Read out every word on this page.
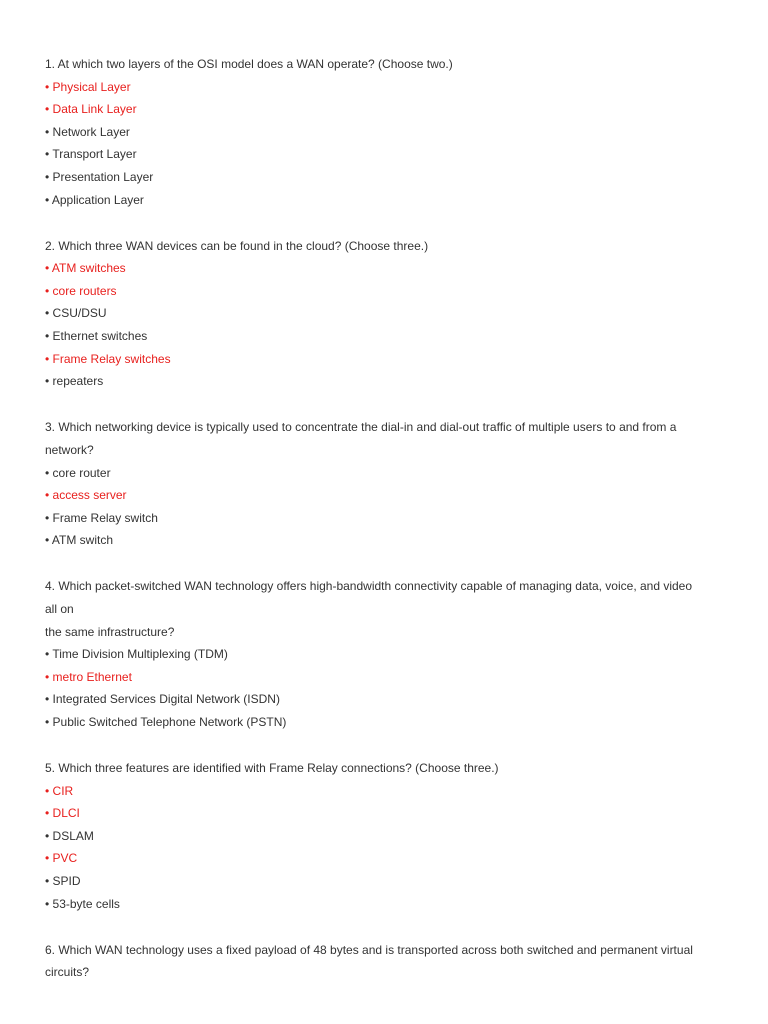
1. At which two layers of the OSI model does a WAN operate? (Choose two.)
• Physical Layer
• Data Link Layer
• Network Layer
• Transport Layer
• Presentation Layer
• Application Layer
2. Which three WAN devices can be found in the cloud? (Choose three.)
• ATM switches
• core routers
• CSU/DSU
• Ethernet switches
• Frame Relay switches
• repeaters
3. Which networking device is typically used to concentrate the dial-in and dial-out traffic of multiple users to and from a
network?
• core router
• access server
• Frame Relay switch
• ATM switch
4. Which packet-switched WAN technology offers high-bandwidth connectivity capable of managing data, voice, and video all on
the same infrastructure?
• Time Division Multiplexing (TDM)
• metro Ethernet
• Integrated Services Digital Network (ISDN)
• Public Switched Telephone Network (PSTN)
5. Which three features are identified with Frame Relay connections? (Choose three.)
• CIR
• DLCI
• DSLAM
• PVC
• SPID
• 53-byte cells
6. Which WAN technology uses a fixed payload of 48 bytes and is transported across both switched and permanent virtual
circuits?
